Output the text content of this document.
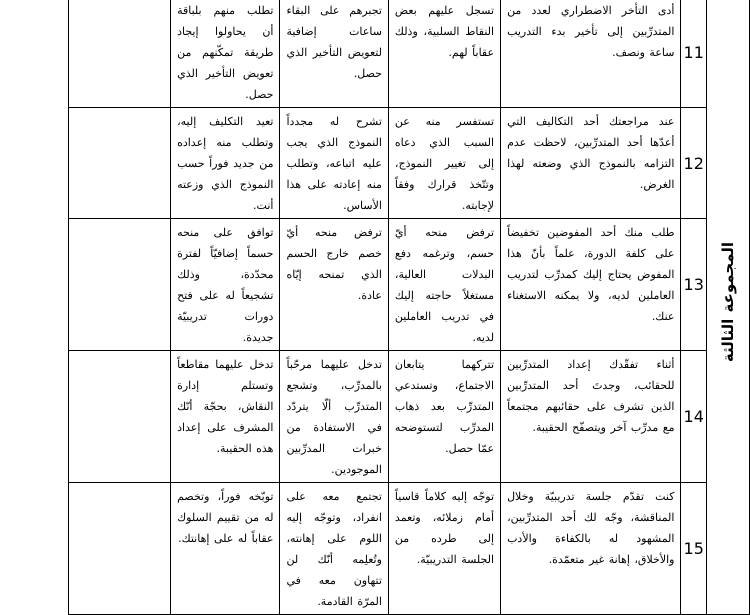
المجموعة الثالثة	11	أدى التأخر الاضطراري لعدد من المتدرِّبين إلى تأخير بدء التدريب ساعة ونصف.	تسجل عليهم بعض النقاط السلبية، وذلك عقاباً لهم.	تجبرهم على البقاء ساعات إضافية لتعويض التأخير الذي حصل.	تطلب منهم بلباقة أن يحاولوا إيجاد طريقة تمكّنهم من تعويض التأخير الذي حصل.	
	12	عند مراجعتك أحد التكاليف التي أعدّها أحد المتدرِّبين، لاحظت عدم التزامه بالنموذج الذي وضعته لهذا الغرض.	تستفسر منه عن السبب الذي دعاه إلى تغيير النموذج، وتتّخذ قرارك وفقاً لإجابته.	تشرح له مجدداً النموذج الذي يجب عليه اتباعه، وتطلب منه إعادته على هذا الأساس.	تعيد التكليف إليه، وتطلب منه إعداده من جديد فوراً حسب النموذج الذي وزعته أنت.	
	13	طلب منك أحد المفوضين تخفيضاً على كلفة الدورة، علماً بأنّ هذا المفوض يحتاج إليك كمدرِّب لتدريب العاملين لديه، ولا يمكنه الاستغناء عنك.	ترفض منحه أيّ حسم، وترغمه دفع البدلات العالية، مستغلاً حاجته إليك في تدريب العاملين لديه.	ترفض منحه أيّ خصم خارج الحسم الذي تمنحه إيّاه عادة.	توافق على منحه حسماً إضافيّاً لفترة محدّدة، وذلك تشجيعاً له على فتح دورات تدريبيّة جديدة.	
	14	أثناء تفقّدك إعداد المتدرِّبين للحقائب، وجدتَ أحد المتدرِّبين الذين تشرف على حقائبهم مجتمعاً مع مدرِّب آخر ويتصفّح الحقيبة.	تتركهما يتابعان الاجتماع، وتستدعي المتدرِّب بعد ذهاب المدرِّب لتستوضحه عمّا حصل.	تدخل عليهما مرحّباً بالمدرِّب، وتشجع المتدرِّب ألّا يتردّد في الاستفادة من خبرات المدرِّبين الموجودين.	تدخل عليهما مقاطعاً وتستلم إدارة النقاش، بحجّة أنّك المشرف على إعداد هذه الحقيبة.	
	15	كنت تقدّم جلسة تدريبيّة وخلال المناقشة، وجّه لك أحد المتدرِّبين، المشهود له بالكفاءة والأدب والأخلاق، إهانة غير متعمّدة.	توجّه إليه كلاماً قاسياً أمام زملائه، وتعمد إلى طرده من الجلسة التدريبيّة.	تجتمع معه على انفراد، وتوجّه إليه اللوم على إهانته، وتُعلِمه أنّك لن تتهاون معه في المرّة القادمة.	توبّخه فوراً، وتخصم له من تقييم السلوك عقاباً له على إهانتك.	
